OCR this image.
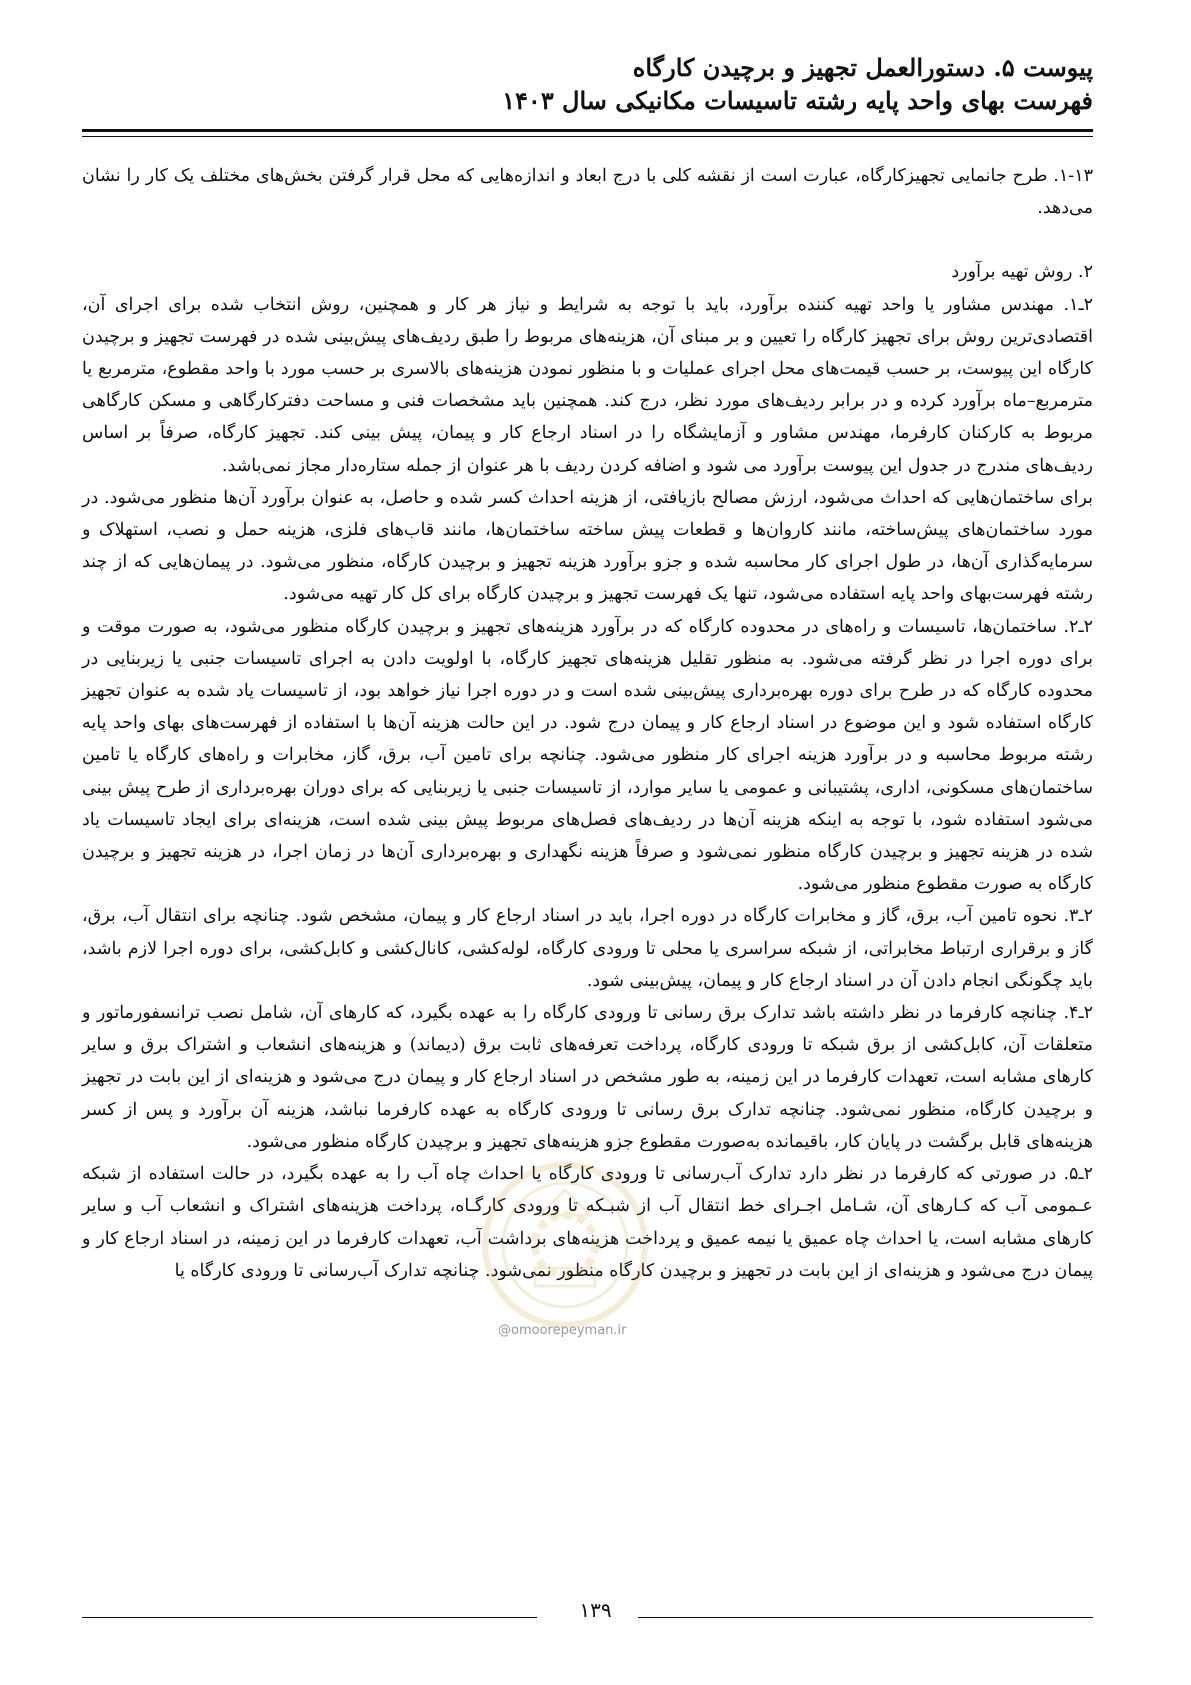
پیوست ۵. دستورالعمل تجهیز و برچیدن کارگاه
فهرست بهای واحد پایه رشته تاسیسات مکانیکی سال ۱۴۰۳

۱-۱۳. طرح جانمایی تجهیزکارگاه، عبارت است از نقشه کلی با درج ابعاد و اندازه‌هایی که محل قرار گرفتن بخش‌های مختلف یک کار را نشان می‌دهد.

۲. روش تهیه برآورد

۲ـ۱. مهندس مشاور یا واحد تهیه کننده برآورد، باید با توجه به شرایط و نیاز هر کار و همچنین، روش انتخاب شده برای اجرای آن، اقتصادی‌ترین روش برای تجهیز کارگاه را تعیین و بر مبنای آن، هزینه‌های مربوط را طبق ردیف‌های پیش‌بینی شده در فهرست تجهیز و برچیدن کارگاه این پیوست، بر حسب قیمت‌های محل اجرای عملیات و با منظور نمودن هزینه‌های بالاسری بر حسب مورد با واحد مقطوع، مترمربع یا مترمربع–ماه برآورد کرده و در برابر ردیف‌های مورد نظر، درج کند. همچنین باید مشخصات فنی و مساحت دفترکارگاهی و مسکن کارگاهی مربوط به کارکنان کارفرما، مهندس مشاور و آزمایشگاه را در اسناد ارجاع کار و پیمان، پیش بینی کند. تجهیز کارگاه، صرفاً بر اساس ردیف‌های مندرج در جدول این پیوست برآورد می شود و اضافه کردن ردیف با هر عنوان از جمله ستاره‌دار مجاز نمی‌باشد.

برای ساختمان‌هایی که احداث می‌شود، ارزش مصالح بازیافتی، از هزینه احداث کسر شده و حاصل، به عنوان برآورد آن‌ها منظور می‌شود. در مورد ساختمان‌های پیش‌ساخته، مانند کاروان‌ها و قطعات پیش ساخته ساختمان‌ها، مانند قاب‌های فلزی، هزینه حمل و نصب، استهلاک و سرمایه‌گذاری آن‌ها، در طول اجرای کار محاسبه شده و جزو برآورد هزینه تجهیز و برچیدن کارگاه، منظور می‌شود. در پیمان‌هایی که از چند رشته فهرست‌بهای واحد پایه استفاده می‌شود، تنها یک فهرست تجهیز و برچیدن کارگاه برای کل کار تهیه می‌شود.

۲ـ۲. ساختمان‌ها، تاسیسات و راه‌های در محدوده کارگاه که در برآورد هزینه‌های تجهیز و برچیدن کارگاه منظور می‌شود، به صورت موقت و برای دوره اجرا در نظر گرفته می‌شود. به منظور تقلیل هزینه‌های تجهیز کارگاه، با اولویت دادن به اجرای تاسیسات جنبی یا زیربنایی در محدوده کارگاه که در طرح برای دوره بهره‌برداری پیش‌بینی شده است و در دوره اجرا نیاز خواهد بود، از تاسیسات یاد شده به عنوان تجهیز کارگاه استفاده شود و این موضوع در اسناد ارجاع کار و پیمان درج شود. در این حالت هزینه آن‌ها با استفاده از فهرست‌های بهای واحد پایه رشته مربوط محاسبه و در برآورد هزینه اجرای کار منظور می‌شود. چنانچه برای تامین آب، برق، گاز، مخابرات و راه‌های کارگاه یا تامین ساختمان‌های مسکونی، اداری، پشتیبانی و عمومی یا سایر موارد، از تاسیسات جنبی یا زیربنایی که برای دوران بهره‌برداری از طرح پیش بینی می‌شود استفاده شود، با توجه به اینکه هزینه آن‌ها در ردیف‌های فصل‌های مربوط پیش بینی شده است، هزینه‌ای برای ایجاد تاسیسات یاد شده در هزینه تجهیز و برچیدن کارگاه منظور نمی‌شود و صرفاً هزینه نگهداری و بهره‌برداری آن‌ها در زمان اجرا، در هزینه تجهیز و برچیدن کارگاه به صورت مقطوع منظور می‌شود.

۲ـ۳. نحوه تامین آب، برق، گاز و مخابرات کارگاه در دوره اجرا، باید در اسناد ارجاع کار و پیمان، مشخص شود. چنانچه برای انتقال آب، برق، گاز و برقراری ارتباط مخابراتی، از شبکه سراسری یا محلی تا ورودی کارگاه، لوله‌کشی، کانال‌کشی و کابل‌کشی، برای دوره اجرا لازم باشد، باید چگونگی انجام دادن آن در اسناد ارجاع کار و پیمان، پیش‌بینی شود.

۲ـ۴. چنانچه کارفرما در نظر داشته باشد تدارک برق رسانی تا ورودی کارگاه را به عهده بگیرد، که کارهای آن، شامل نصب ترانسفورماتور و متعلقات آن، کابل‌کشی از برق شبکه تا ورودی کارگاه، پرداخت تعرفه‌های ثابت برق (دیماند) و هزینه‌های انشعاب و اشتراک برق و سایر کارهای مشابه است، تعهدات کارفرما در این زمینه، به طور مشخص در اسناد ارجاع کار و پیمان درج می‌شود و هزینه‌ای از این بابت در تجهیز و برچیدن کارگاه، منظور نمی‌شود. چنانچه تدارک برق رسانی تا ورودی کارگاه به عهده کارفرما نباشد، هزینه آن برآورد و پس از کسر هزینه‌های قابل برگشت در پایان کار، باقیمانده به‌صورت مقطوع جزو هزینه‌های تجهیز و برچیدن کارگاه منظور می‌شود.

۲ـ۵. در صورتی که کارفرما در نظر دارد تدارک آب‌رسانی تا ورودی کارگاه یا احداث چاه آب را به عهده بگیرد، در حالت استفاده از شبکه عـمومی آب که کـارهای آن، شـامل اجـرای خط انتقال آب از شبـکه تا ورودی کارگـاه، پرداخت هزینه‌های اشتراک و انشعاب آب و سایر کارهای مشابه است، یا احداث چاه عمیق یا نیمه عمیق و پرداخت هزینه‌های برداشت آب، تعهدات کارفرما در این زمینه، در اسناد ارجاع کار و پیمان درج می‌شود و هزینه‌ای از این بابت در تجهیز و برچیدن کارگاه منظور نمی‌شود. چنانچه تدارک آب‌رسانی تا ورودی کارگاه یا

@omoorepeyman.ir
۱۳۹
